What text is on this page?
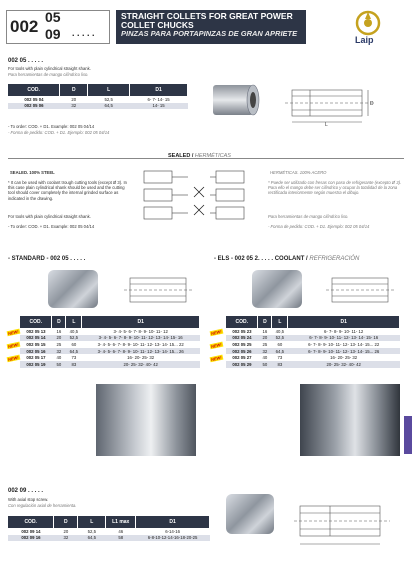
002 05
09 . . . . .
STRAIGHT COLLETS FOR GREAT POWER COLLET CHUCKS
PINZAS PARA PORTAPINZAS DE GRAN APRIETE
Laip
002 05 . . . . .
For tools with plain cylindrical straight shank.
Para herramientas de mango cilíndrico liso.
COD.	D	L	D1
002 05 04	20	52,5	6- 7- 14- 15
002 05 06	32	64,5	14- 15
- To order: COD. + D1. Example: 002 05 04/14
- Forma de pedido: COD. + D1. Ejemplo: 002 05 04/14
L
D
SEALED / HERMÉTICAS
SEALED. 100% STEEL
* It can be used with coolant trough cutting tools (except Ø 3). In this case plain cylindrical shank should be used and the cutting tool should cover completely the internal grinded surface as indicated in the drawing.
For tools with plain cylindrical straight shank.
- To order: COD. + D1. Example: 002 05 04/14
HERMÉTICAS. 100% ACERO
* Puede ser utilizado con fresas con paso de refrigerante (excepto Ø 3). Para ello el mango debe ser cilíndrico y ocupar la totalidad de la zona rectificada interiormente según muestra el dibujo.
Para herramientas de mango cilíndrico liso.
- Forma de pedido: COD. + D1. Ejemplo: 002 05 04/14
- STANDARD - 002 05 . . . . .
COD.	D	L	D1
002 05 13	16	40,5	3- 4- 5- 6- 7- 8- 9- 10- 11- 12
002 05 14	20	52,5	3- 4- 5- 6- 7- 8- 9- 10- 11- 12- 13- 14- 15- 16
002 05 15	25	60	3- 4- 5- 6- 7- 8- 9- 10- 11- 12- 13- 14- 15... 22
002 05 16	32	64,5	3- 4- 5- 6- 7- 8- 9- 10- 11- 12- 13- 14- 15... 26
002 05 17	40	73	16- 20- 25- 32
002 05 19	50	83	20- 25- 32- 40- 42
NEW!
NEW!
NEW!
- ELS - 002 05 2. . . . . COOLANT / REFRIGERACIÓN
COD.	D	L	D1
002 05 23	16	40,5	6- 7- 8- 9- 10- 11- 12
002 05 24	20	52,5	6- 7- 8- 9- 10- 11- 12- 13- 14- 15- 16
002 05 25	25	60	6- 7- 8- 9- 10- 11- 12- 13- 14- 15... 22
002 05 26	32	64,5	6- 7- 8- 9- 10- 11- 12- 13- 14- 15... 26
002 05 27	40	73	16- 20- 25- 32
002 05 29	50	83	20- 25- 32- 40- 42
NEW!
NEW!
NEW!
002 09 . . . . .
With axial stop screw.
Con regulación axial de herramienta.
COD.	D	L	L1 max	D1
002 09 14	20	52,5	46	6-14-16
002 09 16	32	64,5	58	6-8-10-12-14-16-18-20-25
